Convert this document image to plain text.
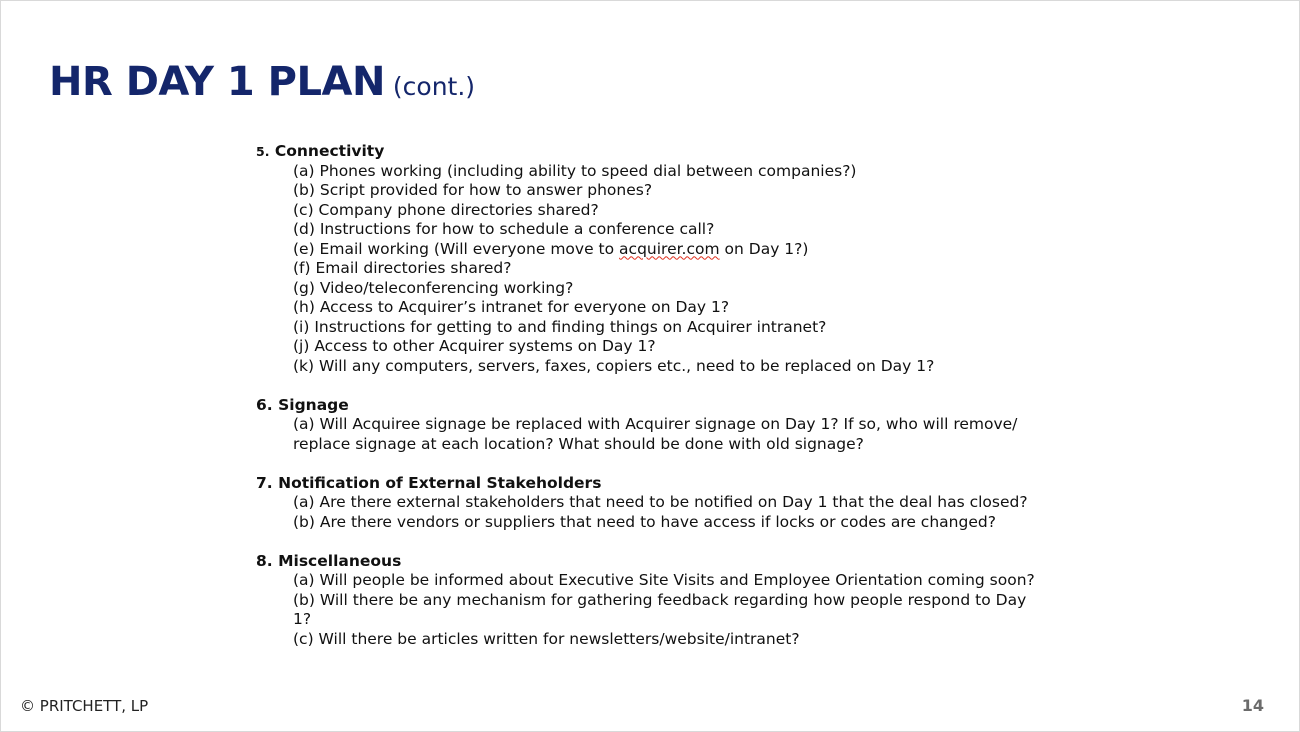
HR DAY 1 PLAN (cont.)
5. Connectivity
(a) Phones working (including ability to speed dial between companies?)
(b) Script provided for how to answer phones?
(c) Company phone directories shared?
(d) Instructions for how to schedule a conference call?
(e) Email working (Will everyone move to acquirer.com on Day 1?)
(f) Email directories shared?
(g) Video/teleconferencing working?
(h) Access to Acquirer’s intranet for everyone on Day 1?
(i) Instructions for getting to and finding things on Acquirer intranet?
(j) Access to other Acquirer systems on Day 1?
(k) Will any computers, servers, faxes, copiers etc., need to be replaced on Day 1?
6. Signage
(a) Will Acquiree signage be replaced with Acquirer signage on Day 1? If so, who will remove/ replace signage at each location? What should be done with old signage?
7. Notification of External Stakeholders
(a) Are there external stakeholders that need to be notified on Day 1 that the deal has closed?
(b) Are there vendors or suppliers that need to have access if locks or codes are changed?
8. Miscellaneous
(a) Will people be informed about Executive Site Visits and Employee Orientation coming soon?
(b) Will there be any mechanism for gathering feedback regarding how people respond to Day 1?
(c) Will there be articles written for newsletters/website/intranet?
© PRITCHETT, LP	14
